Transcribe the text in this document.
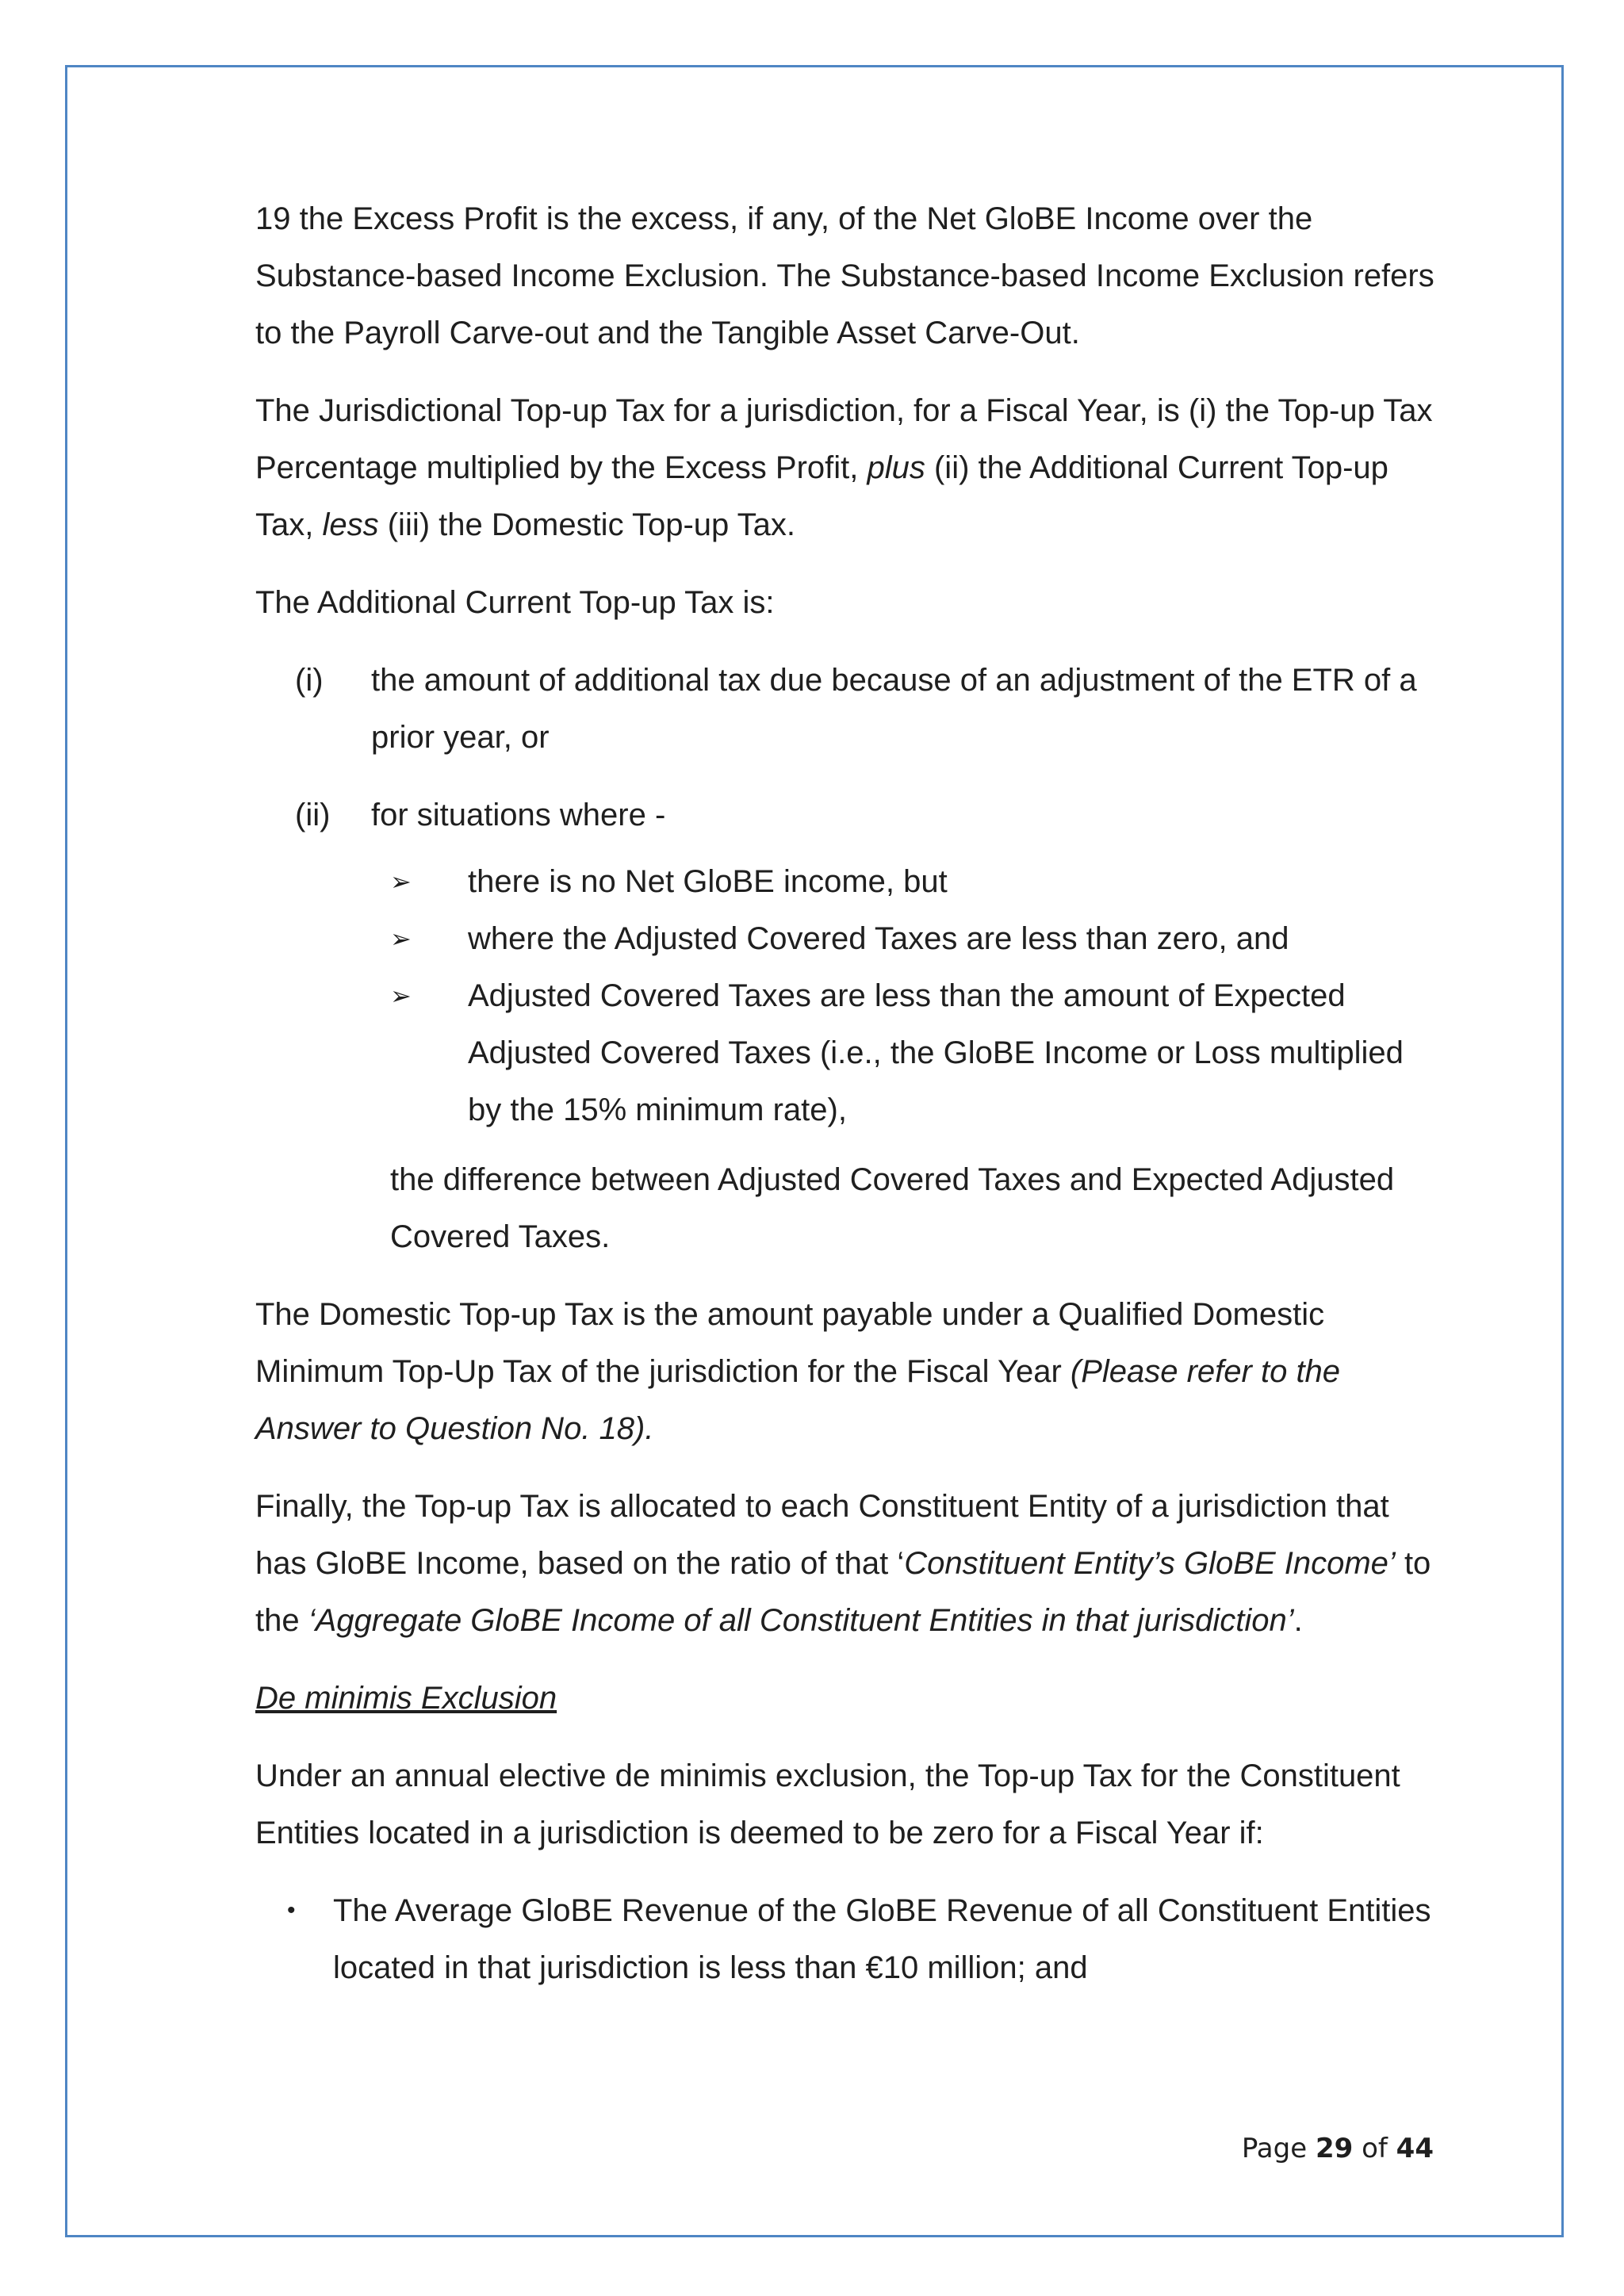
19 the Excess Profit is the excess, if any, of the Net GloBE Income over the Substance-based Income Exclusion. The Substance-based Income Exclusion refers to the Payroll Carve-out and the Tangible Asset Carve-Out.

The Jurisdictional Top-up Tax for a jurisdiction, for a Fiscal Year, is (i) the Top-up Tax Percentage multiplied by the Excess Profit, plus (ii) the Additional Current Top-up Tax, less (iii) the Domestic Top-up Tax.

The Additional Current Top-up Tax is:

(i)	the amount of additional tax due because of an adjustment of the ETR of a prior year, or
(ii)	for situations where -
➢	there is no Net GloBE income, but
➢	where the Adjusted Covered Taxes are less than zero, and
➢	Adjusted Covered Taxes are less than the amount of Expected Adjusted Covered Taxes (i.e., the GloBE Income or Loss multiplied by the 15% minimum rate),

the difference between Adjusted Covered Taxes and Expected Adjusted Covered Taxes.

The Domestic Top-up Tax is the amount payable under a Qualified Domestic Minimum Top-Up Tax of the jurisdiction for the Fiscal Year (Please refer to the Answer to Question No. 18).

Finally, the Top-up Tax is allocated to each Constituent Entity of a jurisdiction that has GloBE Income, based on the ratio of that ‘Constituent Entity’s GloBE Income’ to the ‘Aggregate GloBE Income of all Constituent Entities in that jurisdiction’.

De minimis Exclusion

Under an annual elective de minimis exclusion, the Top-up Tax for the Constituent Entities located in a jurisdiction is deemed to be zero for a Fiscal Year if:

•	The Average GloBE Revenue of the GloBE Revenue of all Constituent Entities located in that jurisdiction is less than €10 million; and
Page 29 of 44
